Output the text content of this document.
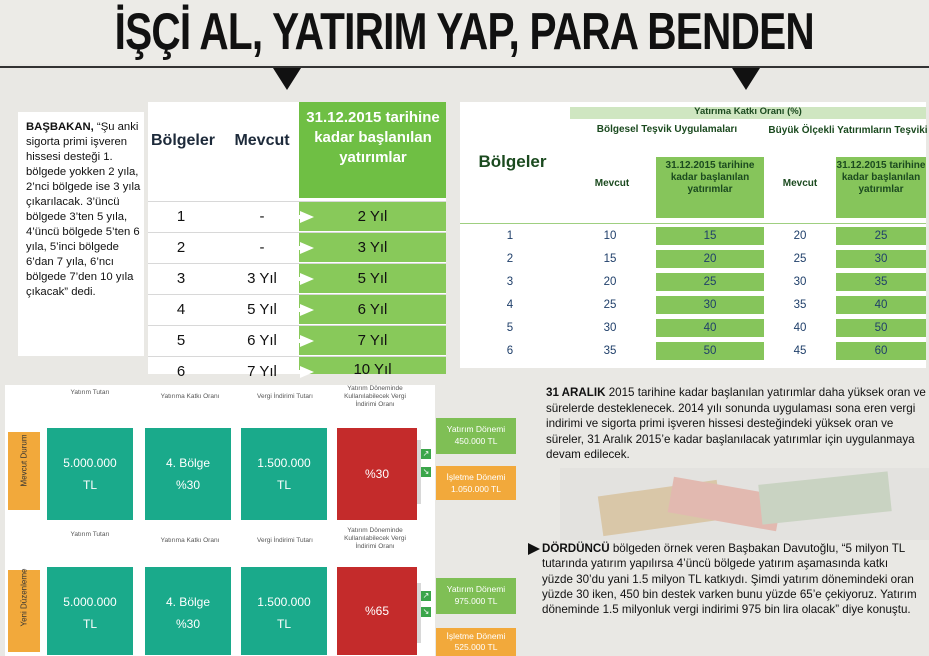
İŞÇİ AL, YATIRIM YAP, PARA BENDEN
BAŞBAKAN, “Şu anki sigorta primi işveren hissesi desteği 1. bölgede yokken 2 yıla, 2’nci bölgede ise 3 yıla çıkarılacak. 3’üncü bölgede 3’ten 5 yıla, 4’üncü bölgede 5’ten 6 yıla, 5’inci bölgede 6’dan 7 yıla, 6’ncı bölgede 7’den 10 yıla çıkacak” dedi.
Bölgeler	Mevcut
31.12.2015 tarihine kadar başlanılan yatırımlar
1	-	2 Yıl
2	-	3 Yıl
3	3 Yıl	5 Yıl
4	5 Yıl	6 Yıl
5	6 Yıl	7 Yıl
6	7 Yıl	10 Yıl
Yatırıma Katkı Oranı (%)
Bölgeler
Bölgesel Teşvik Uygulamaları	Büyük Ölçekli Yatırımların Teşviki
Mevcut
31.12.2015 tarihine kadar başlanılan yatırımlar
Mevcut
31.12.2015 tarihine kadar başlanılan yatırımlar
1	10	15	20	25
2	15	20	25	30
3	20	25	30	35
4	25	30	35	40
5	30	40	40	50
6	35	50	45	60
Yatırım Tutarı
Yatırıma Katkı Oranı	Vergi İndirimi Tutarı
Yatırım Döneminde Kullanılabilecek Vergi İndirimi Oranı
Mevcut Durum	5.000.000 TL
4. Bölge %30
1.500.000 TL
%30
↗
↘
Yatırım Tutarı
Yatırıma Katkı Oranı	Vergi İndirimi Tutarı
Yatırım Döneminde Kullanılabilecek Vergi İndirimi Oranı
Yeni Düzenleme	5.000.000 TL
4. Bölge %30
1.500.000 TL
%65
↗
↘
Yatırım Dönemi 450.000 TL
İşletme Dönemi 1.050.000 TL
Yatırım Dönemi 975.000 TL
İşletme Dönemi 525.000 TL
31 ARALIK 2015 tarihine kadar başlanılan yatırımlar daha yüksek oran ve sürelerde desteklenecek. 2014 yılı sonunda uygulaması sona eren vergi indirimi ve sigorta primi işveren hissesi desteğindeki yüksek oran ve süreler, 31 Aralık 2015’e kadar başlanılacak yatırımlar için uygulanmaya devam edilecek.
DÖRDÜNCÜ bölgeden örnek veren Başbakan Davutoğlu, “5 milyon TL tutarında yatırım yapılırsa 4’üncü bölgede yatırım aşamasında katkı yüzde 30’du yani 1.5 milyon TL katkıydı. Şimdi yatırım dönemindeki oran yüzde 30 iken, 450 bin destek varken bunu yüzde 65’e çekiyoruz. Yatırım döneminde 1.5 milyonluk vergi indirimi 975 bin lira olacak” diye konuştu.
